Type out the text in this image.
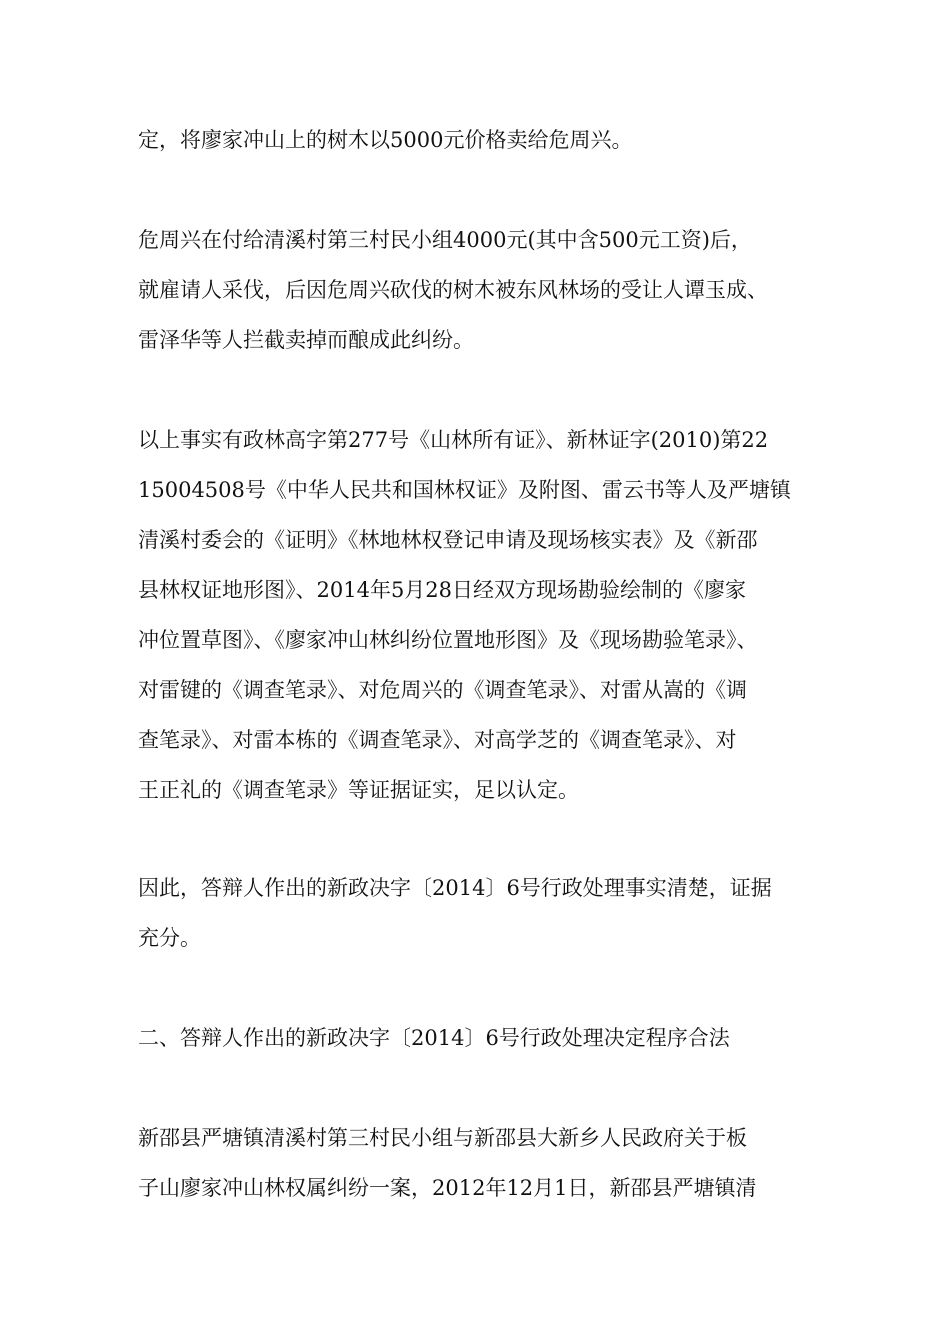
定，将廖家冲山上的树木以5000元价格卖给危周兴。
危周兴在付给清溪村第三村民小组4000元(其中含500元工资)后，
就雇请人采伐，后因危周兴砍伐的树木被东风林场的受让人谭玉成、
雷泽华等人拦截卖掉而酿成此纠纷。
以上事实有政林高字第277号《山林所有证》、新林证字(2010)第22
15004508号《中华人民共和国林权证》及附图、雷云书等人及严塘镇
清溪村委会的《证明》《林地林权登记申请及现场核实表》及《新邵
县林权证地形图》、2014年5月28日经双方现场勘验绘制的《廖家
冲位置草图》、《廖家冲山林纠纷位置地形图》及《现场勘验笔录》、
对雷键的《调查笔录》、对危周兴的《调查笔录》、对雷从嵩的《调
查笔录》、对雷本栋的《调查笔录》、对高学芝的《调查笔录》、对
王正礼的《调查笔录》等证据证实，足以认定。
因此，答辩人作出的新政决字〔2014〕6号行政处理事实清楚，证据
充分。
二、答辩人作出的新政决字〔2014〕6号行政处理决定程序合法
新邵县严塘镇清溪村第三村民小组与新邵县大新乡人民政府关于板
子山廖家冲山林权属纠纷一案，2012年12月1日，新邵县严塘镇清
